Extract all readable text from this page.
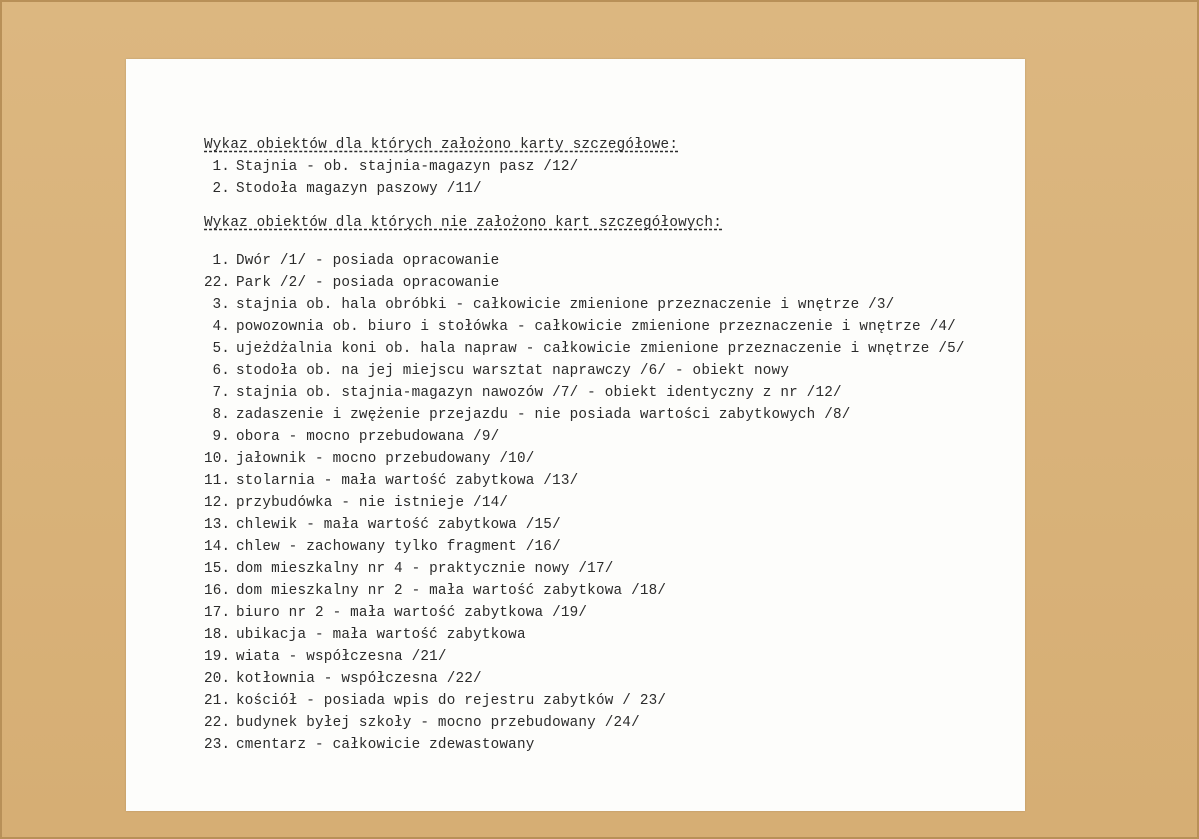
Wykaz obiektów dla których założono karty szczegółowe:
1. Stajnia - ob. stajnia-magazyn pasz /12/
2. Stodoła magazyn paszowy /11/
Wykaz obiektów dla których nie założono kart szczegółowych:
1. Dwór /1/ - posiada opracowanie
22. Park /2/ - posiada opracowanie
3. stajnia ob. hala obróbki - całkowicie zmienione przeznaczenie i wnętrze /3/
4. powozownia ob. biuro i stołówka - całkowicie zmienione przeznaczenie i wnętrze /4/
5. ujeżdżalnia koni ob. hala napraw - całkowicie zmienione przeznaczenie i wnętrze /5/
6. stodoła ob. na jej miejscu warsztat naprawczy /6/ - obiekt nowy
7. stajnia ob. stajnia-magazyn nawozów /7/ - obiekt identyczny z nr /12/
8. zadaszenie i zwężenie przejazdu - nie posiada wartości zabytkowych /8/
9. obora - mocno przebudowana /9/
10. jałownik - mocno przebudowany /10/
11. stolarnia - mała wartość zabytkowa /13/
12. przybudówka - nie istnieje /14/
13. chlewik - mała wartość zabytkowa /15/
14. chlew - zachowany tylko fragment /16/
15. dom mieszkalny nr 4 - praktycznie nowy /17/
16. dom mieszkalny nr 2 - mała wartość zabytkowa /18/
17. biuro nr 2 - mała wartość zabytkowa /19/
18. ubikacja - mała wartość zabytkowa
19. wiata - współczesna /21/
20. kotłownia - współczesna /22/
21. kościół - posiada wpis do rejestru zabytków / 23/
22. budynek byłej szkoły - mocno przebudowany /24/
23. cmentarz - całkowicie zdewastowany
